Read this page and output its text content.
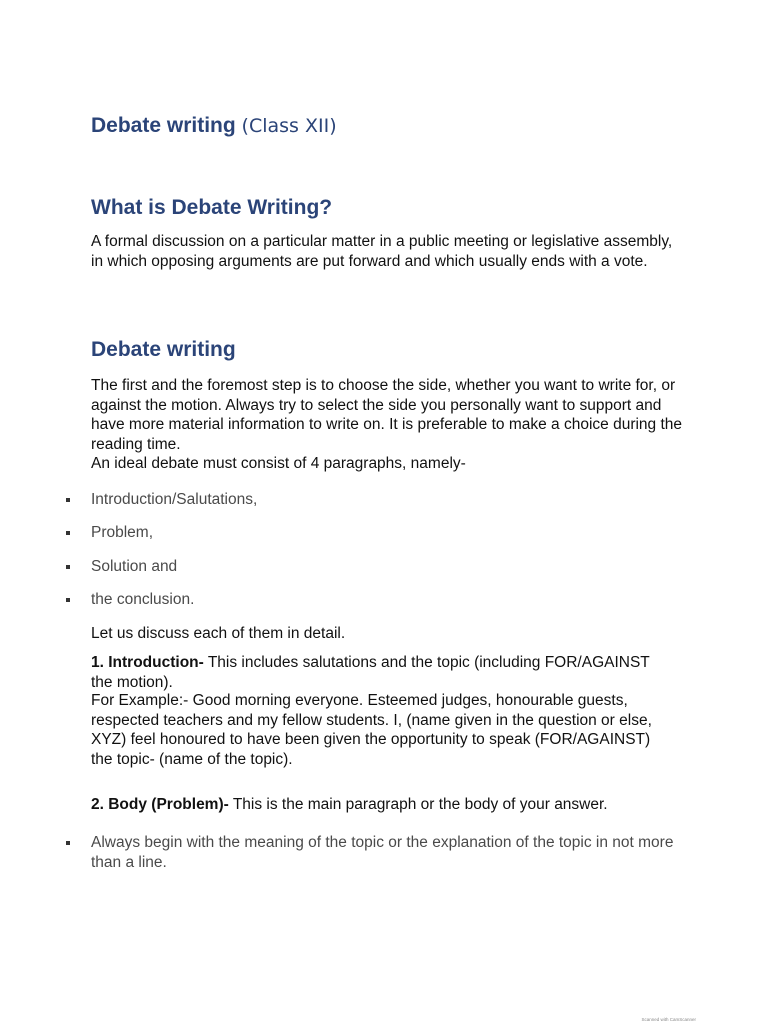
Debate writing (Class XII)
What is Debate Writing?

A formal discussion on a particular matter in a public meeting or legislative assembly, in which opposing arguments are put forward and which usually ends with a vote.

Debate writing

The first and the foremost step is to choose the side, whether you want to write for, or against the motion. Always try to select the side you personally want to support and have more material information to write on. It is preferable to make a choice during the reading time.

An ideal debate must consist of 4 paragraphs, namely-

Introduction/Salutations,
Problem,
Solution and
the conclusion.

Let us discuss each of them in detail.

1. Introduction- This includes salutations and the topic (including FOR/AGAINST the motion).

For Example:- Good morning everyone. Esteemed judges, honourable guests, respected teachers and my fellow students. I, (name given in the question or else, XYZ) feel honoured to have been given the opportunity to speak (FOR/AGAINST) the topic- (name of the topic).

2. Body (Problem)- This is the main paragraph or the body of your answer.

Always begin with the meaning of the topic or the explanation of the topic in not more than a line.
Scanned with CamScanner
